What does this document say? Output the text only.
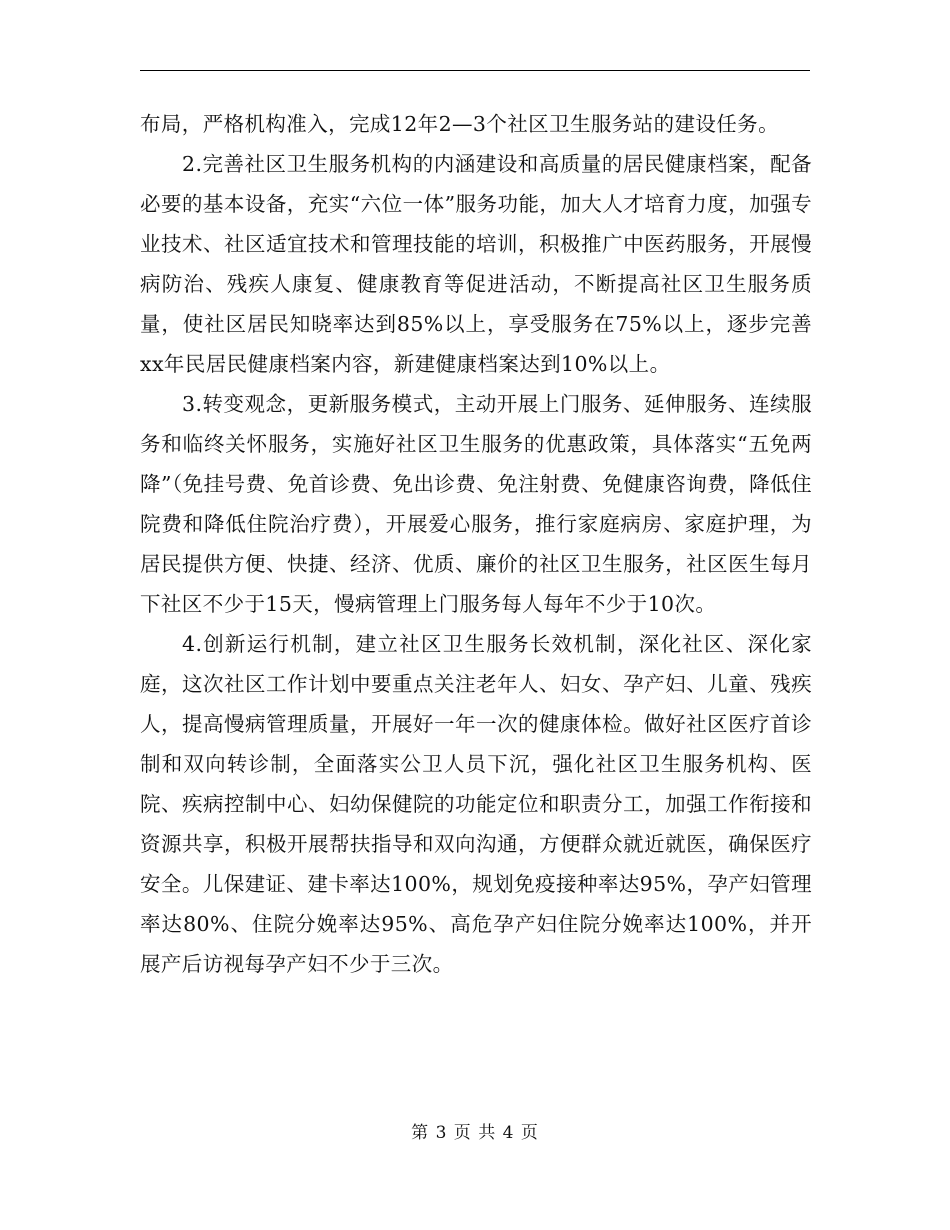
布局，严格机构准入，完成12年2—3个社区卫生服务站的建设任务。

2.完善社区卫生服务机构的内涵建设和高质量的居民健康档案，配备必要的基本设备，充实“六位一体”服务功能，加大人才培育力度，加强专业技术、社区适宜技术和管理技能的培训，积极推广中医药服务，开展慢病防治、残疾人康复、健康教育等促进活动，不断提高社区卫生服务质量，使社区居民知晓率达到85%以上，享受服务在75%以上，逐步完善xx年民居民健康档案内容，新建健康档案达到10%以上。

3.转变观念，更新服务模式，主动开展上门服务、延伸服务、连续服务和临终关怀服务，实施好社区卫生服务的优惠政策，具体落实“五免两降”（免挂号费、免首诊费、免出诊费、免注射费、免健康咨询费，降低住院费和降低住院治疗费），开展爱心服务，推行家庭病房、家庭护理，为居民提供方便、快捷、经济、优质、廉价的社区卫生服务，社区医生每月下社区不少于15天，慢病管理上门服务每人每年不少于10次。

4.创新运行机制，建立社区卫生服务长效机制，深化社区、深化家庭，这次社区工作计划中要重点关注老年人、妇女、孕产妇、儿童、残疾人，提高慢病管理质量，开展好一年一次的健康体检。做好社区医疗首诊制和双向转诊制，全面落实公卫人员下沉，强化社区卫生服务机构、医院、疾病控制中心、妇幼保健院的功能定位和职责分工，加强工作衔接和资源共享，积极开展帮扶指导和双向沟通，方便群众就近就医，确保医疗安全。儿保建证、建卡率达100%，规划免疫接种率达95%，孕产妇管理率达80%、住院分娩率达95%、高危孕产妇住院分娩率达100%，并开展产后访视每孕产妇不少于三次。

第 3 页 共 4 页
